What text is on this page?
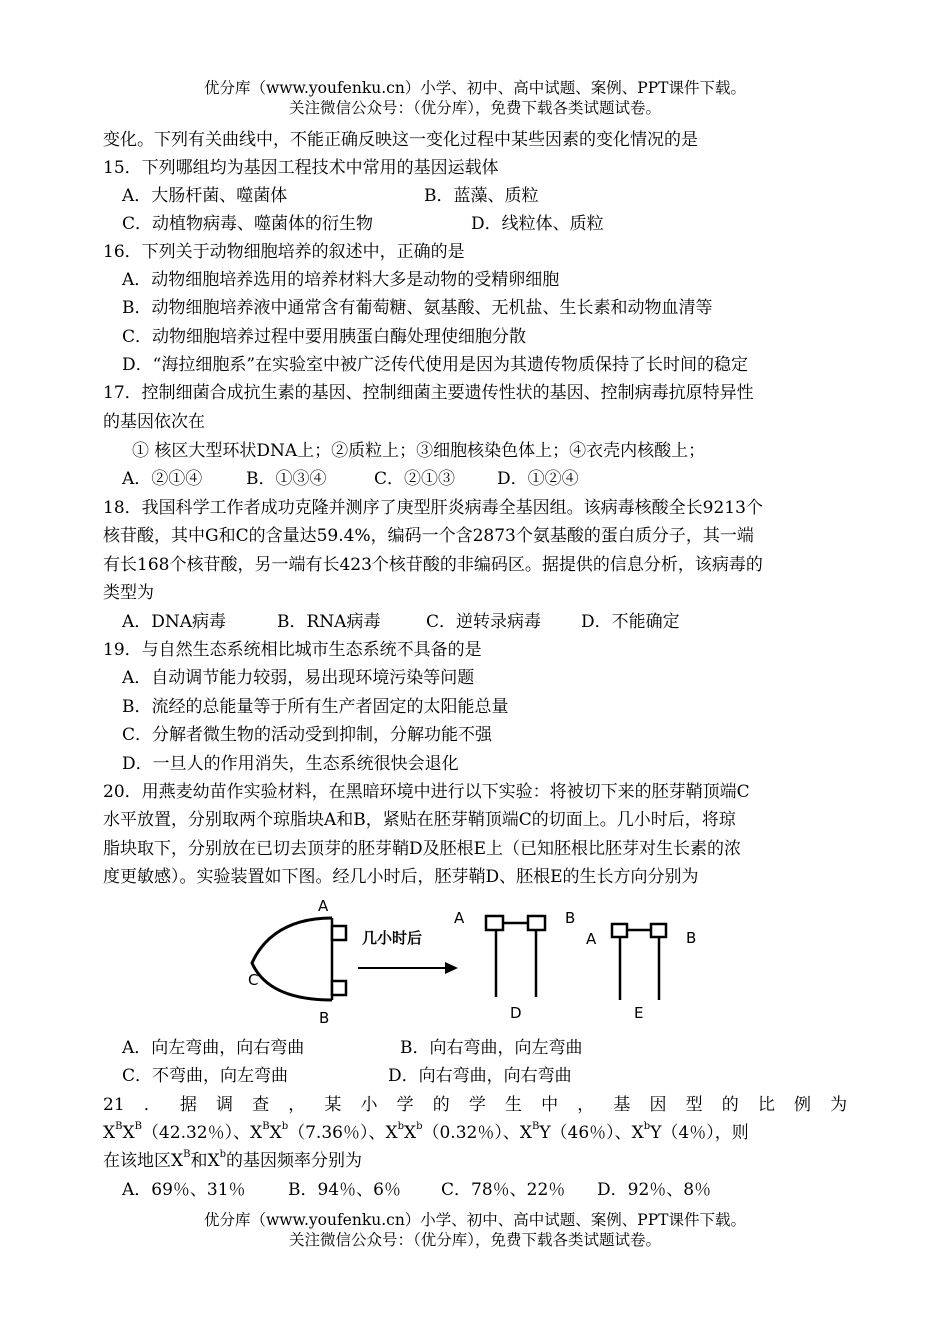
优分库（www.youfenku.cn）小学、初中、高中试题、案例、PPT课件下载。
关注微信公众号：（优分库），免费下载各类试题试卷。
变化。下列有关曲线中，不能正确反映这一变化过程中某些因素的变化情况的是
15．下列哪组均为基因工程技术中常用的基因运载体
A．大肠杆菌、噬菌体	B．蓝藻、质粒
C．动植物病毒、噬菌体的衍生物	D．线粒体、质粒
16．下列关于动物细胞培养的叙述中，正确的是
A．动物细胞培养选用的培养材料大多是动物的受精卵细胞
B．动物细胞培养液中通常含有葡萄糖、氨基酸、无机盐、生长素和动物血清等
C．动物细胞培养过程中要用胰蛋白酶处理使细胞分散
D．“海拉细胞系”在实验室中被广泛传代使用是因为其遗传物质保持了长时间的稳定
17．控制细菌合成抗生素的基因、控制细菌主要遗传性状的基因、控制病毒抗原特异性
的基因依次在
① 核区大型环状DNA上；②质粒上；③细胞核染色体上；④衣壳内核酸上；
A．②①④	B．①③④	C．②①③ D．①②④
18．我国科学工作者成功克隆并测序了庚型肝炎病毒全基因组。该病毒核酸全长9213个
核苷酸，其中G和C的含量达59.4%，编码一个含2873个氨基酸的蛋白质分子，其一端
有长168个核苷酸，另一端有长423个核苷酸的非编码区。据提供的信息分析，该病毒的
类型为
A．DNA病毒	B．RNA病毒	C．逆转录病毒 D．不能确定
19．与自然生态系统相比城市生态系统不具备的是
A．自动调节能力较弱，易出现环境污染等问题
B．流经的总能量等于所有生产者固定的太阳能总量
C．分解者微生物的活动受到抑制，分解功能不强
D．一旦人的作用消失，生态系统很快会退化
20．用燕麦幼苗作实验材料，在黑暗环境中进行以下实验：将被切下来的胚芽鞘顶端C
水平放置，分别取两个琼脂块A和B，紧贴在胚芽鞘顶端C的切面上。几小时后，将琼
脂块取下，分别放在已切去顶芽的胚芽鞘D及胚根E上（已知胚根比胚芽对生长素的浓
度更敏感）。实验装置如下图。经几小时后，胚芽鞘D、胚根E的生长方向分别为
A
C
B
几小时后
A	B
D
A	B
E
A．向左弯曲，向右弯曲	B．向右弯曲，向左弯曲
C．不弯曲，向左弯曲	D．向右弯曲，向右弯曲
21 ． 据 调 查 ， 某 小 学 的 学 生 中 ， 基 因 型 的 比 例 为
$X^BX^B(42.32$％）、$X^BX^b(7.36$％）、$X^bX^b(0.32$％）、$X^BY(46$％）、$X^bY(4$％），则
在该地区$X^B$和$X^b$的基因频率分别为
A．69％、31％ B．94％、6％ C．78％、22％ D．92％、8％
优分库（www.youfenku.cn）小学、初中、高中试题、案例、PPT课件下载。
关注微信公众号：（优分库），免费下载各类试题试卷。
